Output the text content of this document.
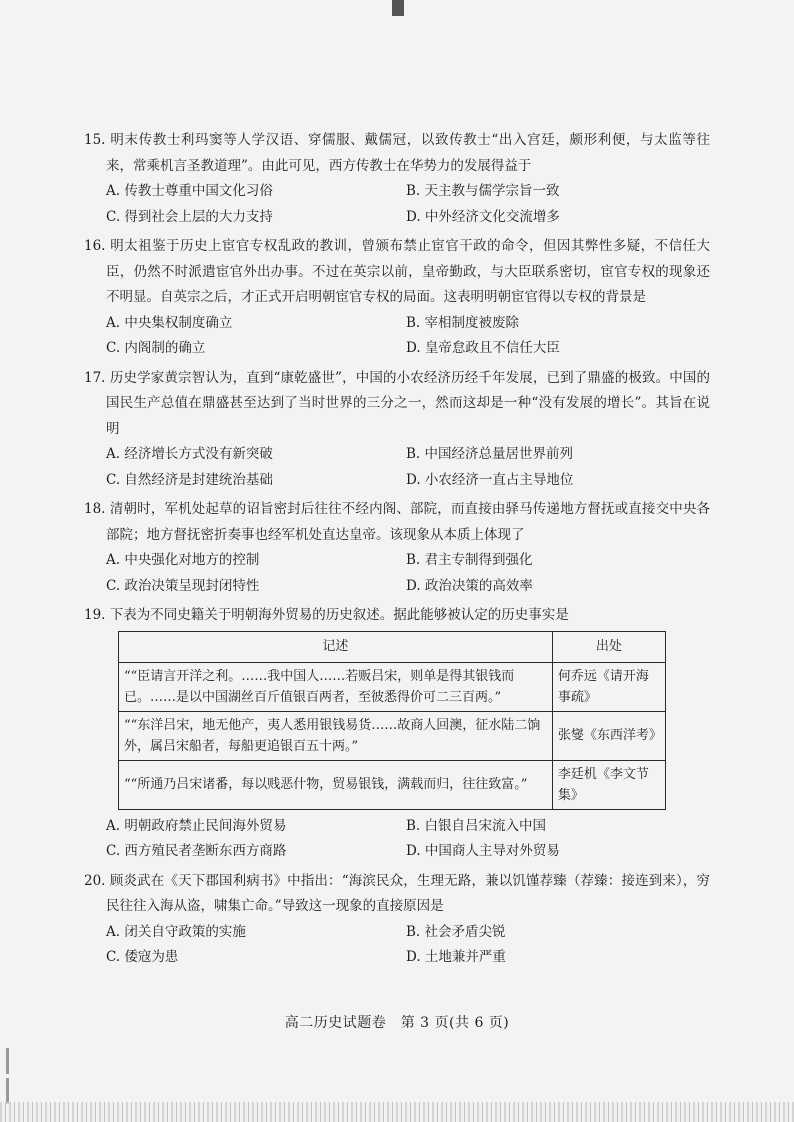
15. 明末传教士利玛窦等人学汉语、穿儒服、戴儒冠，以致传教士“出入宫廷，颇形利便，与太监等往来，常乘机言圣教道理”。由此可见，西方传教士在华势力的发展得益于
A. 传教士尊重中国文化习俗	B. 天主教与儒学宗旨一致
C. 得到社会上层的大力支持	D. 中外经济文化交流增多
16. 明太祖鉴于历史上宦官专权乱政的教训，曾颁布禁止宦官干政的命令，但因其弊性多疑，不信任大臣，仍然不时派遣宦官外出办事。不过在英宗以前，皇帝勤政，与大臣联系密切，宦官专权的现象还不明显。自英宗之后，才正式开启明朝宦官专权的局面。这表明明朝宦官得以专权的背景是
A. 中央集权制度确立	B. 宰相制度被废除
C. 内阁制的确立	D. 皇帝怠政且不信任大臣
17. 历史学家黄宗智认为，直到“康乾盛世”，中国的小农经济历经千年发展，已到了鼎盛的极致。中国的国民生产总值在鼎盛甚至达到了当时世界的三分之一，然而这却是一种“没有发展的增长”。其旨在说明
A. 经济增长方式没有新突破	B. 中国经济总量居世界前列
C. 自然经济是封建统治基础	D. 小农经济一直占主导地位
18. 清朝时，军机处起草的诏旨密封后往往不经内阁、部院，而直接由驿马传递地方督抚或直接交中央各部院；地方督抚密折奏事也经军机处直达皇帝。该现象从本质上体现了
A. 中央强化对地方的控制	B. 君主专制得到强化
C. 政治决策呈现封闭特性	D. 政治决策的高效率
19. 下表为不同史籍关于明朝海外贸易的历史叙述。据此能够被认定的历史事实是
记述	出处
““臣请言开洋之利。……我中国人……若贩吕宋，则单是得其银钱而已。……是以中国湖丝百斤值银百两者，至彼悉得价可二三百两。”	何乔远《请开海事疏》
““东洋吕宋，地无他产，夷人悉用银钱易货……故商人回澳，征水陆二饷外，属吕宋船者，每船更追银百五十两。”	张燮《东西洋考》
““所通乃吕宋诸番，每以贱恶什物，贸易银钱，满载而归，往往致富。”	李廷机《李文节集》
A. 明朝政府禁止民间海外贸易	B. 白银自吕宋流入中国
C. 西方殖民者垄断东西方商路	D. 中国商人主导对外贸易
20. 顾炎武在《天下郡国利病书》中指出：“海滨民众，生理无路，兼以饥馑荐臻（荐臻：接连到来），穷民往往入海从盗，啸集亡命。”导致这一现象的直接原因是
A. 闭关自守政策的实施	B. 社会矛盾尖锐
C. 倭寇为患	D. 土地兼并严重
高二历史试题卷　第 3 页(共 6 页)
